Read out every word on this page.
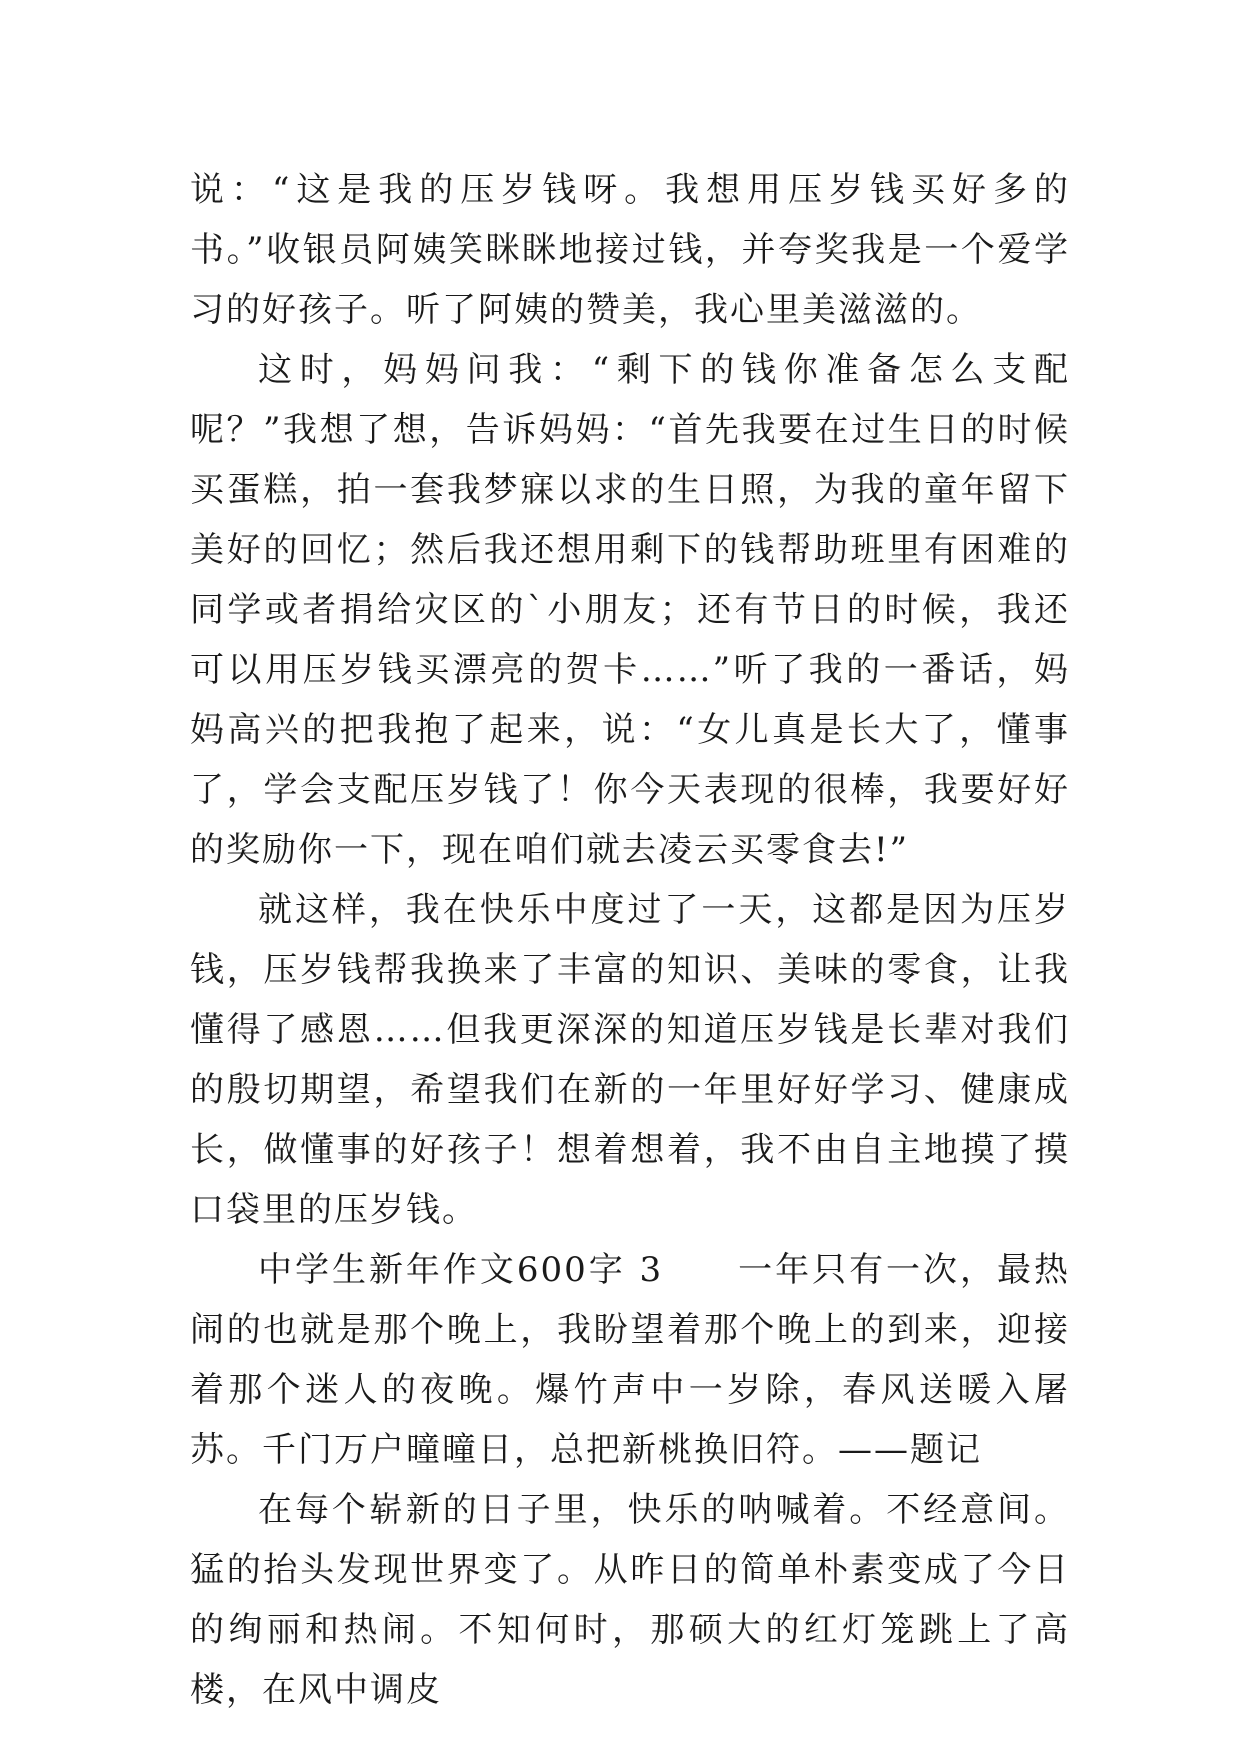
说：“这是我的压岁钱呀。我想用压岁钱买好多的书。”收银员阿姨笑眯眯地接过钱，并夸奖我是一个爱学习的好孩子。听了阿姨的赞美，我心里美滋滋的。

这时，妈妈问我：“剩下的钱你准备怎么支配呢？”我想了想，告诉妈妈：“首先我要在过生日的时候买蛋糕，拍一套我梦寐以求的生日照，为我的童年留下美好的回忆；然后我还想用剩下的钱帮助班里有困难的同学或者捐给灾区的`小朋友；还有节日的时候，我还可以用压岁钱买漂亮的贺卡……”听了我的一番话，妈妈高兴的把我抱了起来，说：“女儿真是长大了，懂事了，学会支配压岁钱了！你今天表现的很棒，我要好好的奖励你一下，现在咱们就去凌云买零食去!”

就这样，我在快乐中度过了一天，这都是因为压岁钱，压岁钱帮我换来了丰富的知识、美味的零食，让我懂得了感恩……但我更深深的知道压岁钱是长辈对我们的殷切期望，希望我们在新的一年里好好学习、健康成长，做懂事的好孩子！想着想着，我不由自主地摸了摸口袋里的压岁钱。

中学生新年作文600字 3　　一年只有一次，最热闹的也就是那个晚上，我盼望着那个晚上的到来，迎接着那个迷人的夜晚。爆竹声中一岁除，春风送暖入屠苏。千门万户曈曈日，总把新桃换旧符。——题记

在每个崭新的日子里，快乐的呐喊着。不经意间。猛的抬头发现世界变了。从昨日的简单朴素变成了今日的绚丽和热闹。不知何时，那硕大的红灯笼跳上了高楼，在风中调皮
